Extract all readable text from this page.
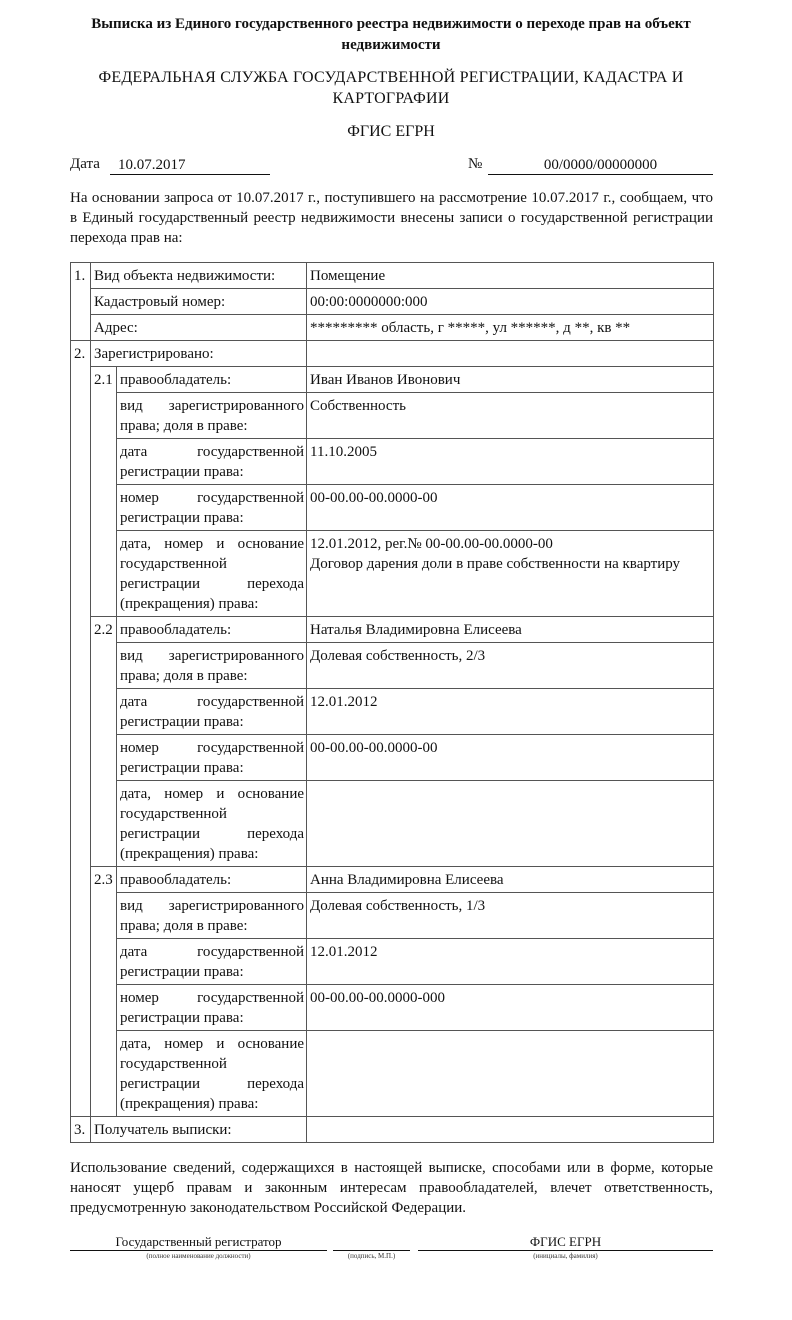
Выписка из Единого государственного реестра недвижимости о переходе прав на объект недвижимости
ФЕДЕРАЛЬНАЯ СЛУЖБА ГОСУДАРСТВЕННОЙ РЕГИСТРАЦИИ, КАДАСТРА И КАРТОГРАФИИ
ФГИС ЕГРН
Дата	10.07.2017	№	00/0000/00000000
На основании запроса от 10.07.2017 г., поступившего на рассмотрение 10.07.2017 г., сообщаем, что в Единый государственный реестр недвижимости внесены записи о государственной регистрации перехода прав на:
1.	Вид объекта недвижимости:		Помещение
	Кадастровый номер:		00:00:0000000:000
	Адрес:		********* область, г *****, ул ******, д **, кв **
2.	Зарегистрировано:		
	2.1	правообладатель:	Иван Иванов Ивонович
		вид зарегистрированного права; доля в праве:	Собственность
		дата государственной регистрации права:	11.10.2005
		номер государственной регистрации права:	00-00.00-00.0000-00
		дата, номер и основание государственной регистрации перехода (прекращения) права:	12.01.2012, рег.№ 00-00.00-00.0000-00
Договор дарения доли в праве собственности на квартиру

	2.2	правообладатель:	Наталья Владимировна Елисеева
		вид зарегистрированного права; доля в праве:	Долевая собственность, 2/3
		дата государственной регистрации права:	12.01.2012
		номер государственной регистрации права:	00-00.00-00.0000-00
		дата, номер и основание государственной регистрации перехода (прекращения) права:	

	2.3	правообладатель:	Анна Владимировна Елисеева
		вид зарегистрированного права; доля в праве:	Долевая собственность, 1/3
		дата государственной регистрации права:	12.01.2012
		номер государственной регистрации права:	00-00.00-00.0000-000
		дата, номер и основание государственной регистрации перехода (прекращения) права:	

3.	Получатель выписки:		
Использование сведений, содержащихся в настоящей выписке, способами или в форме, которые наносят ущерб правам и законным интересам правообладателей, влечет ответственность, предусмотренную законодательством Российской Федерации.
Государственный регистратор
(полное наименование должности)	(подпись, М.П.)
ФГИС ЕГРН
(инициалы, фамилия)
